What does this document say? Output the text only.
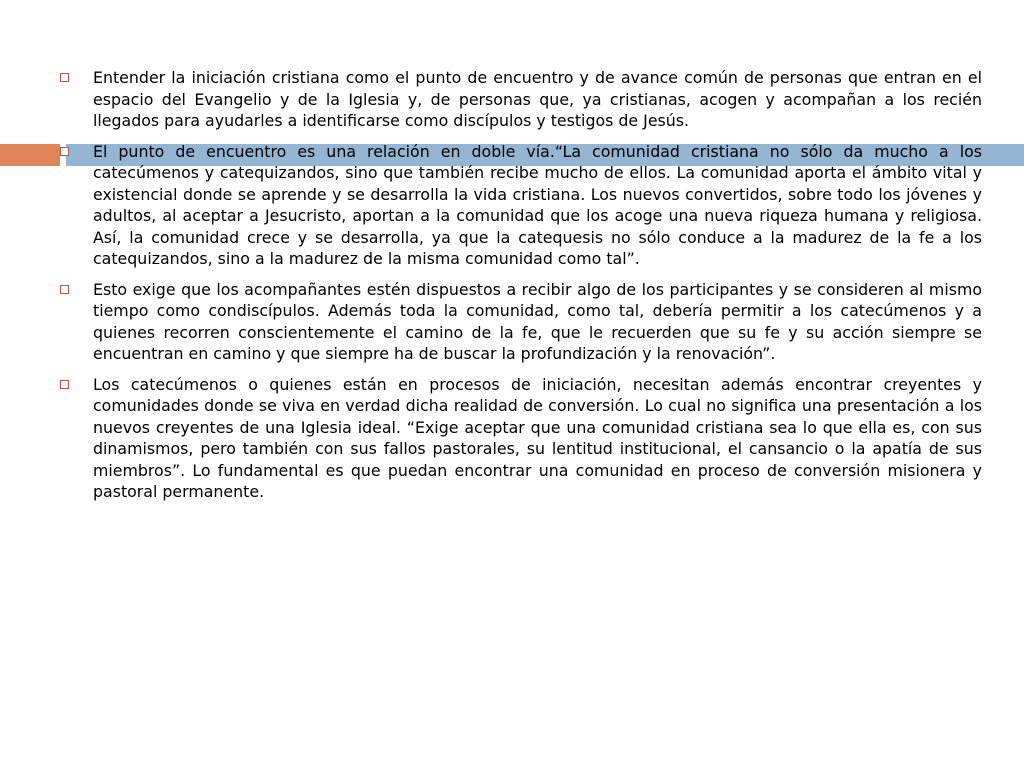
Entender la iniciación cristiana como el punto de encuentro y de avance común de personas que entran en el espacio del Evangelio y de la Iglesia y, de personas que, ya cristianas, acogen y acompañan a los recién llegados para ayudarles a identificarse como discípulos y testigos de Jesús.

El punto de encuentro es una relación en doble vía.“La comunidad cristiana no sólo da mucho a los catecúmenos y catequizandos, sino que también recibe mucho de ellos. La comunidad aporta el ámbito vital y existencial donde se aprende y se desarrolla la vida cristiana. Los nuevos convertidos, sobre todo los jóvenes y adultos, al aceptar a Jesucristo, aportan a la comunidad que los acoge una nueva riqueza humana y religiosa. Así, la comunidad crece y se desarrolla, ya que la catequesis no sólo conduce a la madurez de la fe a los catequizandos, sino a la madurez de la misma comunidad como tal”.

Esto exige que los acompañantes estén dispuestos a recibir algo de los participantes y se consideren al mismo tiempo como condiscípulos. Además toda la comunidad, como tal, debería permitir a los catecúmenos y a quienes recorren conscientemente el camino de la fe, que le recuerden que su fe y su acción siempre se encuentran en camino y que siempre ha de buscar la profundización y la renovación”.

Los catecúmenos o quienes están en procesos de iniciación, necesitan además encontrar creyentes y comunidades donde se viva en verdad dicha realidad de conversión. Lo cual no significa una presentación a los nuevos creyentes de una Iglesia ideal. “Exige aceptar que una comunidad cristiana sea lo que ella es, con sus dinamismos, pero también con sus fallos pastorales, su lentitud institucional, el cansancio o la apatía de sus miembros”. Lo fundamental es que puedan encontrar una comunidad en proceso de conversión misionera y pastoral permanente.
